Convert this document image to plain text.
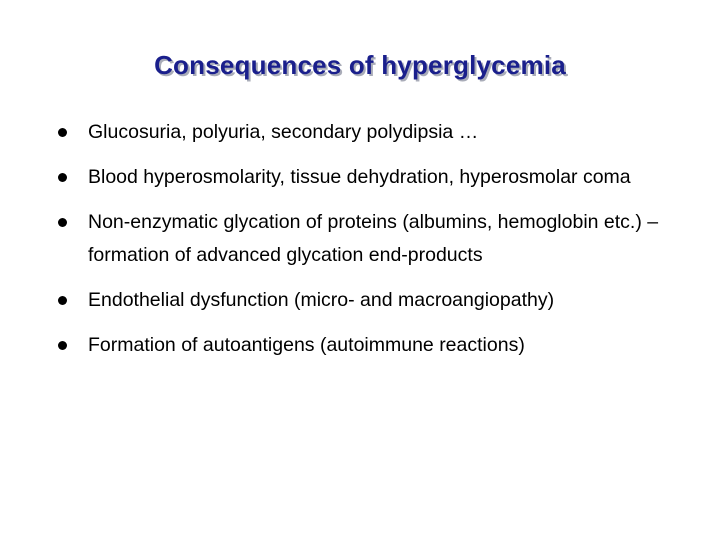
Consequences of hyperglycemia
Glucosuria, polyuria, secondary polydipsia …
Blood hyperosmolarity, tissue dehydration, hyperosmolar coma
Non-enzymatic glycation of proteins (albumins, hemoglobin etc.) – formation of advanced glycation end-products
Endothelial dysfunction (micro- and macroangiopathy)
Formation of autoantigens (autoimmune reactions)
